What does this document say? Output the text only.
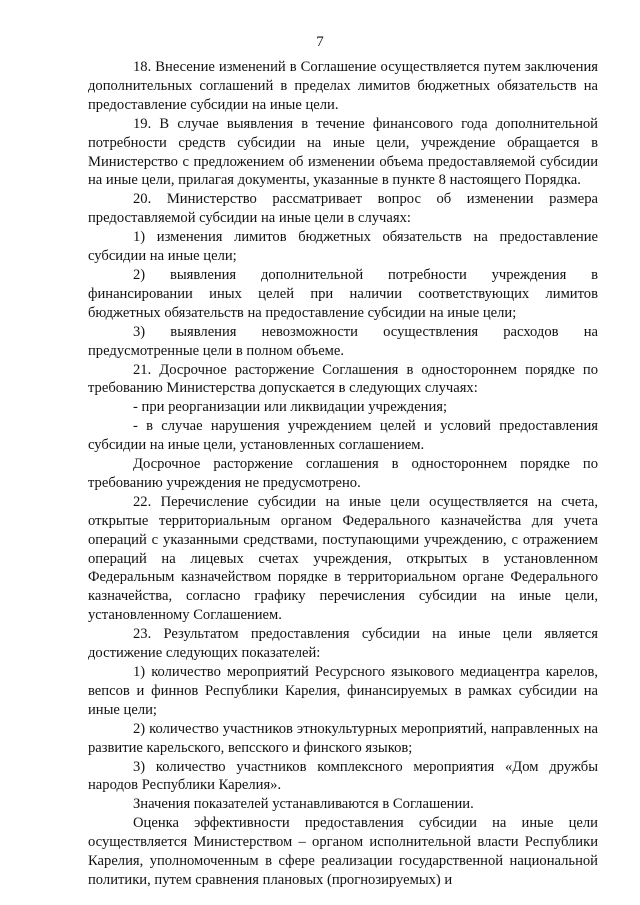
7

18. Внесение изменений в Соглашение осуществляется путем заключения дополнительных соглашений в пределах лимитов бюджетных обязательств на предоставление субсидии на иные цели.

19. В случае выявления в течение финансового года дополнительной потребности средств субсидии на иные цели, учреждение обращается в Министерство с предложением об изменении объема предоставляемой субсидии на иные цели, прилагая документы, указанные в пункте 8 настоящего Порядка.

20. Министерство рассматривает вопрос об изменении размера предоставляемой субсидии на иные цели в случаях:

1) изменения лимитов бюджетных обязательств на предоставление субсидии на иные цели;

2) выявления дополнительной потребности учреждения в финансировании иных целей при наличии соответствующих лимитов бюджетных обязательств на предоставление субсидии на иные цели;

3) выявления невозможности осуществления расходов на предусмотренные цели в полном объеме.

21. Досрочное расторжение Соглашения в одностороннем порядке по требованию Министерства допускается в следующих случаях:

- при реорганизации или ликвидации учреждения;

- в случае нарушения учреждением целей и условий предоставления субсидии на иные цели, установленных соглашением.

Досрочное расторжение соглашения в одностороннем порядке по требованию учреждения не предусмотрено.

22. Перечисление субсидии на иные цели осуществляется на счета, открытые территориальным органом Федерального казначейства для учета операций с указанными средствами, поступающими учреждению, с отражением операций на лицевых счетах учреждения, открытых в установленном Федеральным казначейством порядке в территориальном органе Федерального казначейства, согласно графику перечисления субсидии на иные цели, установленному Соглашением.

23. Результатом предоставления субсидии на иные цели является достижение следующих показателей:

1) количество мероприятий Ресурсного языкового медиацентра карелов, вепсов и финнов Республики Карелия, финансируемых в рамках субсидии на иные цели;

2) количество участников этнокультурных мероприятий, направленных на развитие карельского, вепсского и финского языков;

3) количество участников комплексного мероприятия «Дом дружбы народов Республики Карелия».

Значения показателей устанавливаются в Соглашении.

Оценка эффективности предоставления субсидии на иные цели осуществляется Министерством – органом исполнительной власти Республики Карелия, уполномоченным в сфере реализации государственной национальной политики, путем сравнения плановых (прогнозируемых) и
